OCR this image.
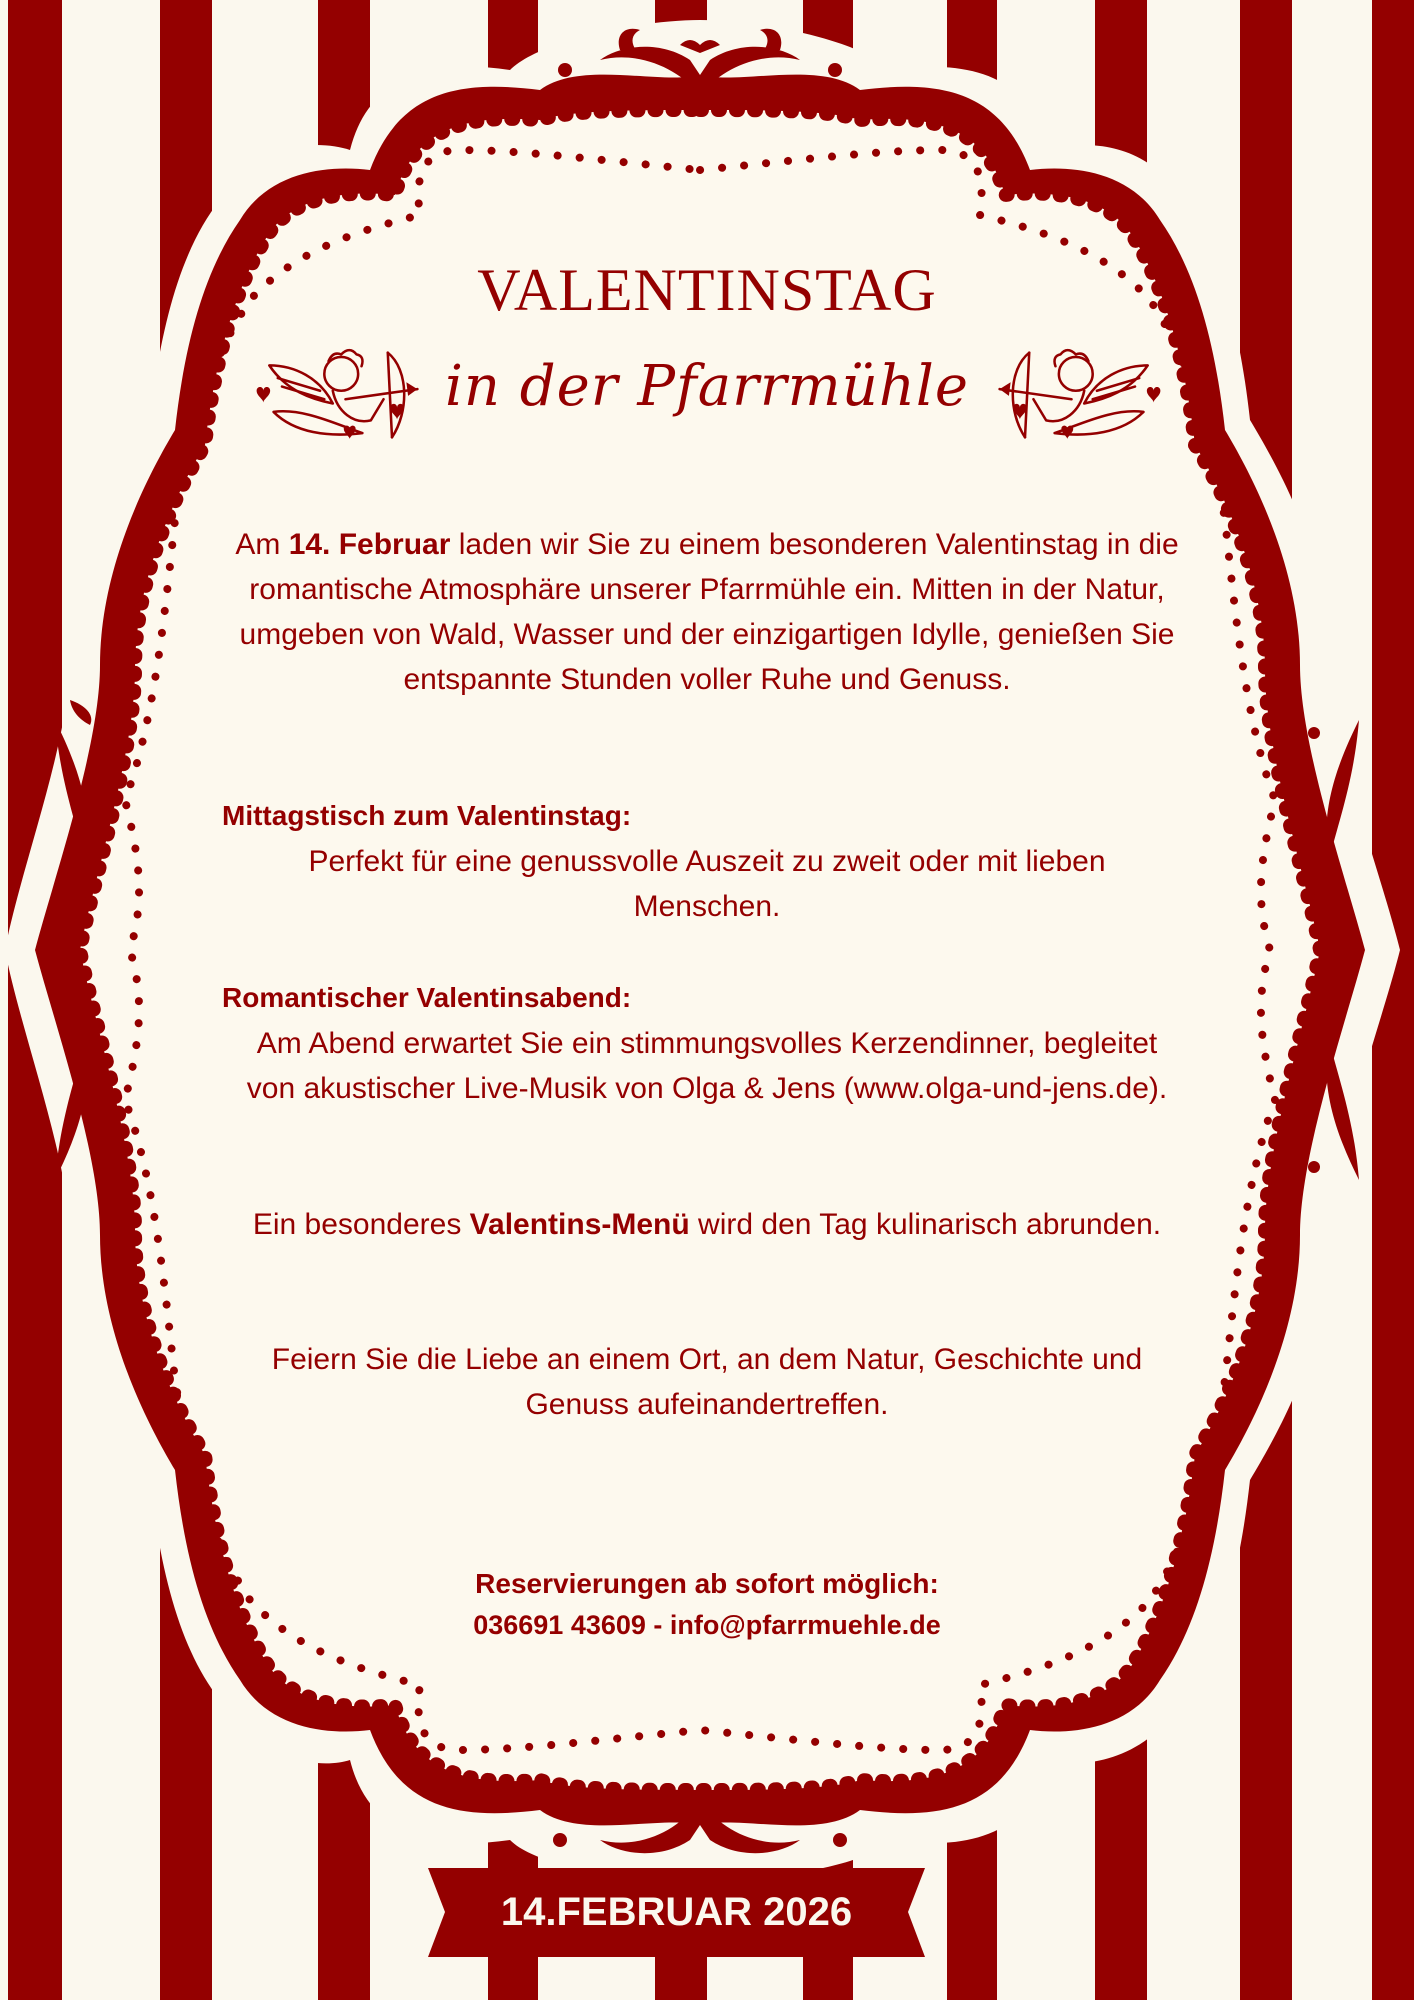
VALENTINSTAG
in der Pfarrmühle

Am 14. Februar laden wir Sie zu einem besonderen Valentinstag in die romantische Atmosphäre unserer Pfarrmühle ein. Mitten in der Natur, umgeben von Wald, Wasser und der einzigartigen Idylle, genießen Sie entspannte Stunden voller Ruhe und Genuss.

Mittagstisch zum Valentinstag:

Perfekt für eine genussvolle Auszeit zu zweit oder mit lieben Menschen.

Romantischer Valentinsabend:

Am Abend erwartet Sie ein stimmungsvolles Kerzendinner, begleitet von akustischer Live-Musik von Olga & Jens (www.olga-und-jens.de).

Ein besonderes Valentins-Menü wird den Tag kulinarisch abrunden.

Feiern Sie die Liebe an einem Ort, an dem Natur, Geschichte und Genuss aufeinandertreffen.

Reservierungen ab sofort möglich:
036691 43609 - info@pfarrmuehle.de
14.FEBRUAR 2026
